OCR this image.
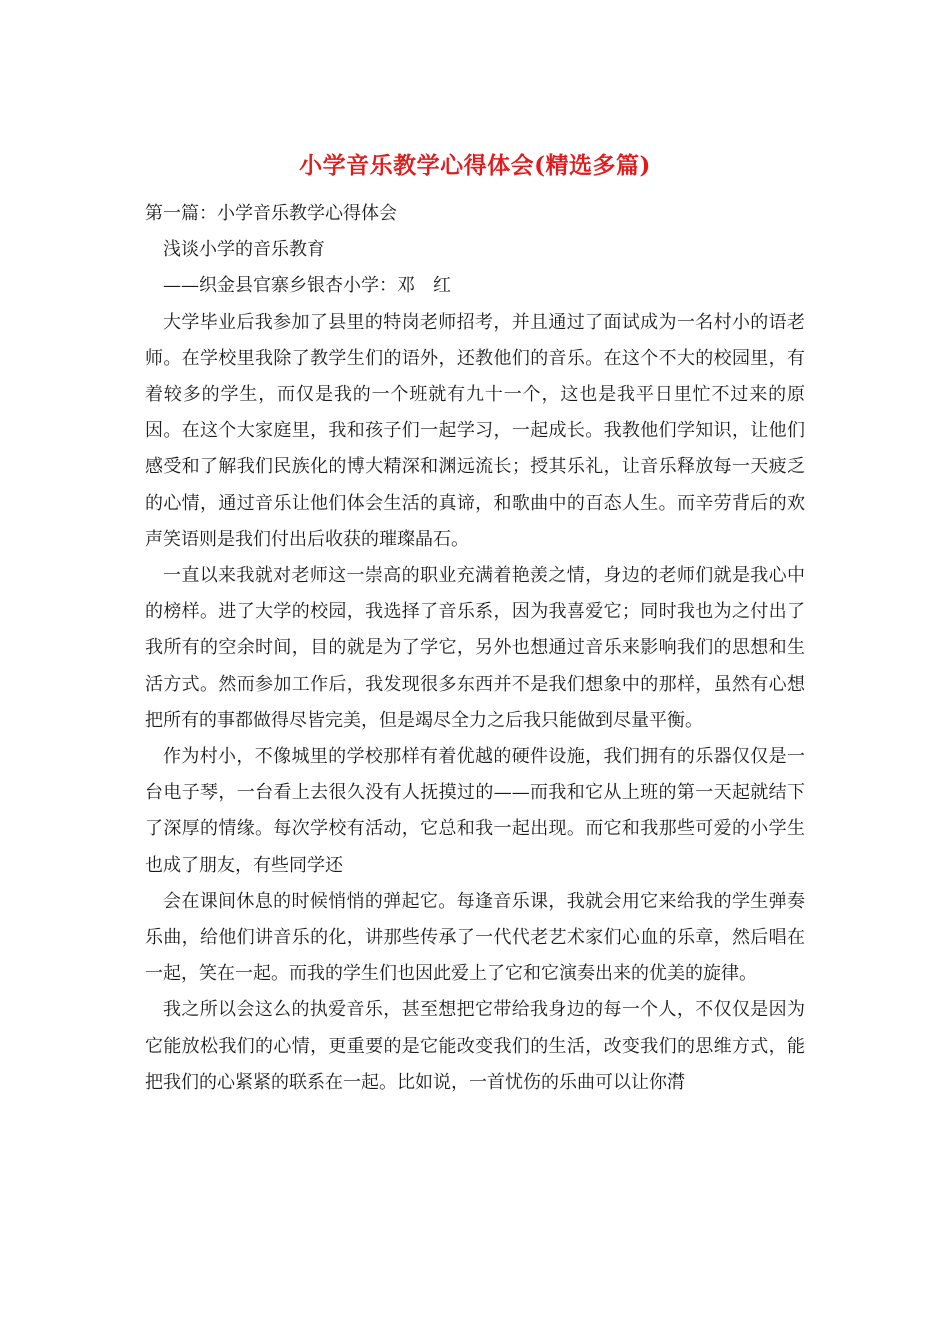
小学音乐教学心得体会(精选多篇)
第一篇：小学音乐教学心得体会
浅谈小学的音乐教育
——织金县官寨乡银杏小学：邓　红

大学毕业后我参加了县里的特岗老师招考，并且通过了面试成为一名村小的语老师。在学校里我除了教学生们的语外，还教他们的音乐。在这个不大的校园里，有着较多的学生，而仅是我的一个班就有九十一个，这也是我平日里忙不过来的原因。在这个大家庭里，我和孩子们一起学习，一起成长。我教他们学知识，让他们感受和了解我们民族化的博大精深和渊远流长；授其乐礼，让音乐释放每一天疲乏的心情，通过音乐让他们体会生活的真谛，和歌曲中的百态人生。而辛劳背后的欢声笑语则是我们付出后收获的璀璨晶石。

一直以来我就对老师这一崇高的职业充满着艳羡之情，身边的老师们就是我心中的榜样。进了大学的校园，我选择了音乐系，因为我喜爱它；同时我也为之付出了我所有的空余时间，目的就是为了学它，另外也想通过音乐来影响我们的思想和生活方式。然而参加工作后，我发现很多东西并不是我们想象中的那样，虽然有心想把所有的事都做得尽皆完美，但是竭尽全力之后我只能做到尽量平衡。

作为村小，不像城里的学校那样有着优越的硬件设施，我们拥有的乐器仅仅是一台电子琴，一台看上去很久没有人抚摸过的——而我和它从上班的第一天起就结下了深厚的情缘。每次学校有活动，它总和我一起出现。而它和我那些可爱的小学生也成了朋友，有些同学还

会在课间休息的时候悄悄的弹起它。每逢音乐课，我就会用它来给我的学生弹奏乐曲，给他们讲音乐的化，讲那些传承了一代代老艺术家们心血的乐章，然后唱在一起，笑在一起。而我的学生们也因此爱上了它和它演奏出来的优美的旋律。

我之所以会这么的执爱音乐，甚至想把它带给我身边的每一个人，不仅仅是因为它能放松我们的心情，更重要的是它能改变我们的生活，改变我们的思维方式，能把我们的心紧紧的联系在一起。比如说，一首忧伤的乐曲可以让你潸
